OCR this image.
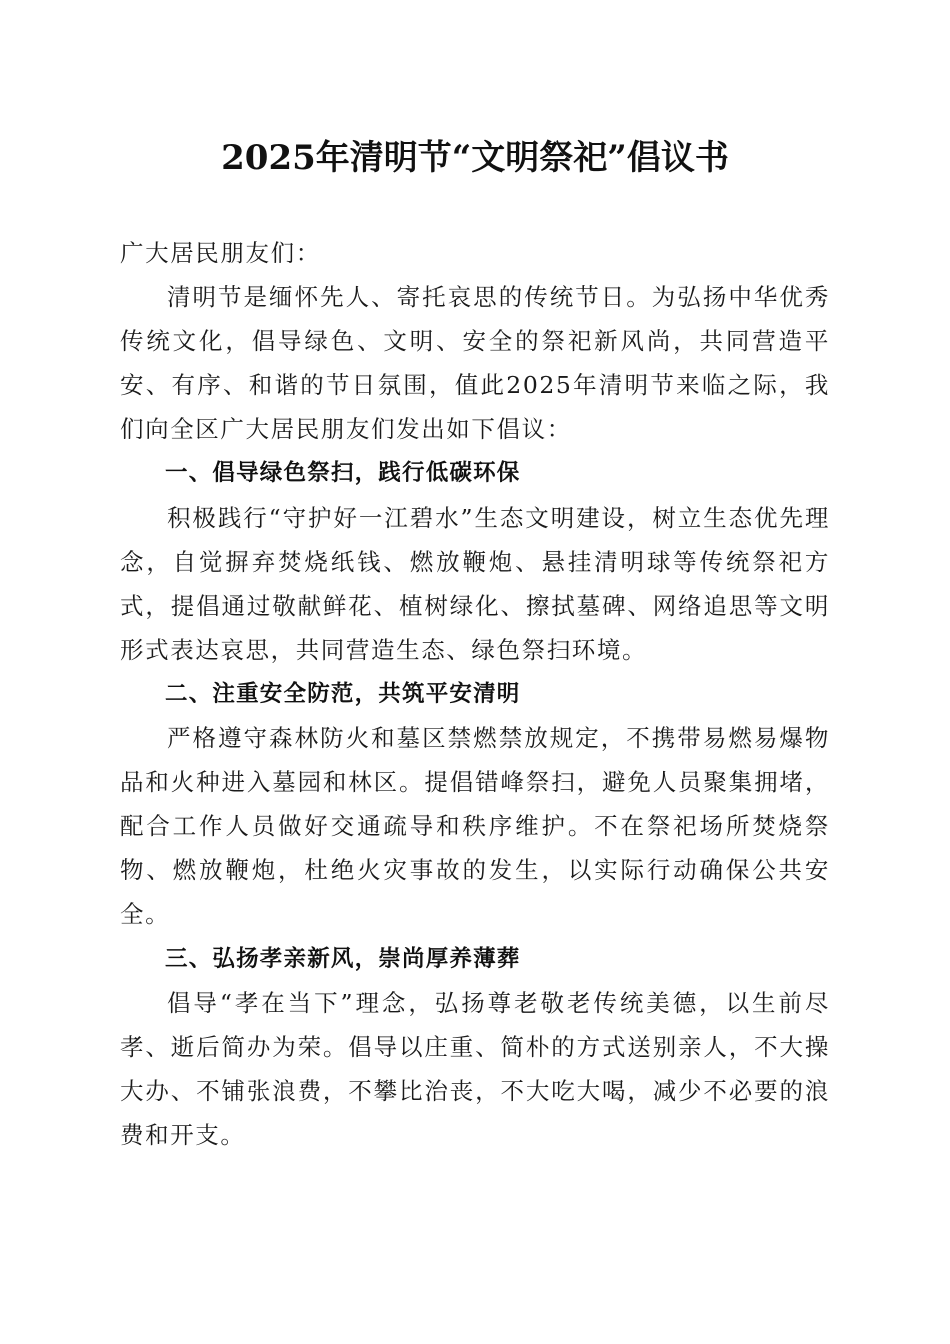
2025年清明节“文明祭祀”倡议书

广大居民朋友们：

清明节是缅怀先人、寄托哀思的传统节日。为弘扬中华优秀传统文化，倡导绿色、文明、安全的祭祀新风尚，共同营造平安、有序、和谐的节日氛围，值此2025年清明节来临之际，我们向全区广大居民朋友们发出如下倡议：

一、倡导绿色祭扫，践行低碳环保

积极践行“守护好一江碧水”生态文明建设，树立生态优先理念，自觉摒弃焚烧纸钱、燃放鞭炮、悬挂清明球等传统祭祀方式，提倡通过敬献鲜花、植树绿化、擦拭墓碑、网络追思等文明形式表达哀思，共同营造生态、绿色祭扫环境。

二、注重安全防范，共筑平安清明

严格遵守森林防火和墓区禁燃禁放规定，不携带易燃易爆物品和火种进入墓园和林区。提倡错峰祭扫，避免人员聚集拥堵，配合工作人员做好交通疏导和秩序维护。不在祭祀场所焚烧祭物、燃放鞭炮，杜绝火灾事故的发生，以实际行动确保公共安全。

三、弘扬孝亲新风，崇尚厚养薄葬

倡导“孝在当下”理念，弘扬尊老敬老传统美德，以生前尽孝、逝后简办为荣。倡导以庄重、简朴的方式送别亲人，不大操大办、不铺张浪费，不攀比治丧，不大吃大喝，减少不必要的浪费和开支。
